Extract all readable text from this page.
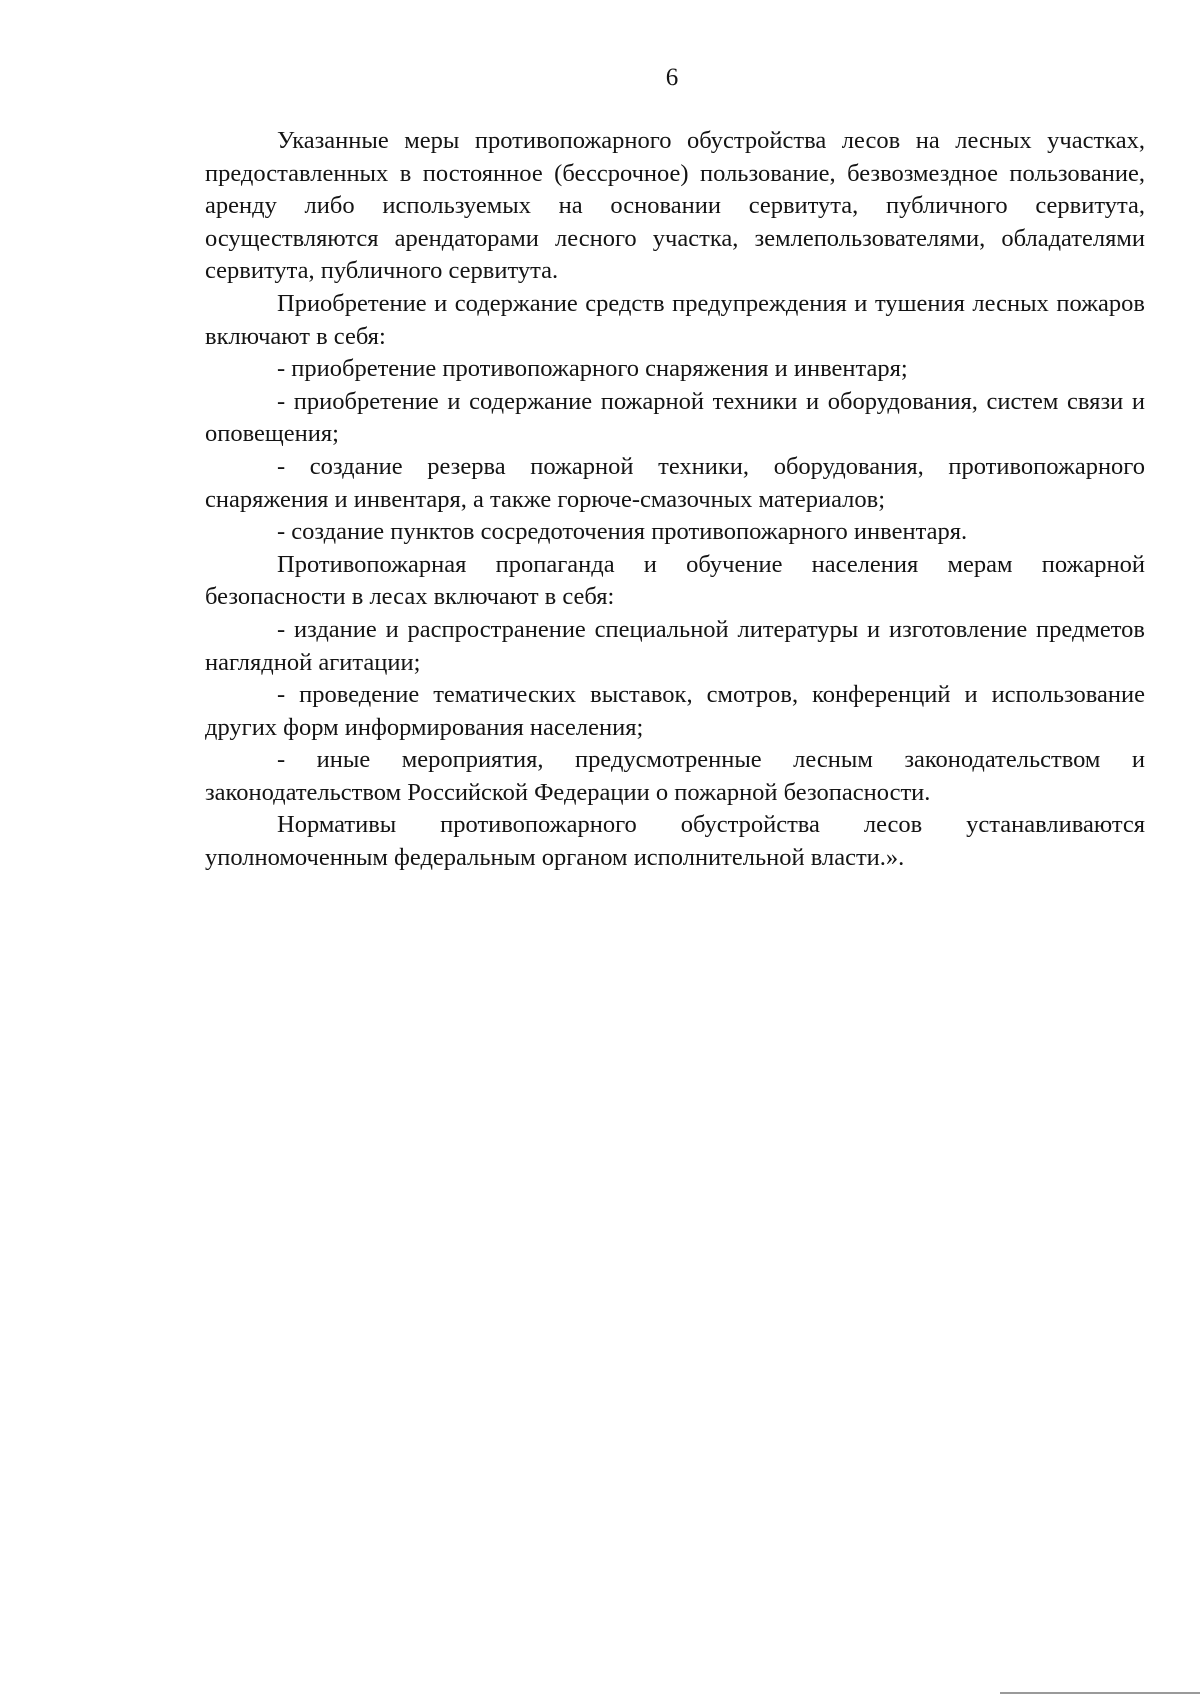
6

Указанные меры противопожарного обустройства лесов на лесных участках, предоставленных в постоянное (бессрочное) пользование, безвозмездное пользование, аренду либо используемых на основании сервитута, публичного сервитута, осуществляются арендаторами лесного участка, землепользователями, обладателями сервитута, публичного сервитута.

Приобретение и содержание средств предупреждения и тушения лесных пожаров включают в себя:

- приобретение противопожарного снаряжения и инвентаря;

- приобретение и содержание пожарной техники и оборудования, систем связи и оповещения;

- создание резерва пожарной техники, оборудования, противопожарного снаряжения и инвентаря, а также горюче-смазочных материалов;

- создание пунктов сосредоточения противопожарного инвентаря.

Противопожарная пропаганда и обучение населения мерам пожарной безопасности в лесах включают в себя:

- издание и распространение специальной литературы и изготовление предметов наглядной агитации;

- проведение тематических выставок, смотров, конференций и использование других форм информирования населения;

- иные мероприятия, предусмотренные лесным законодательством и законодательством Российской Федерации о пожарной безопасности.

Нормативы противопожарного обустройства лесов устанавливаются уполномоченным федеральным органом исполнительной власти.».
